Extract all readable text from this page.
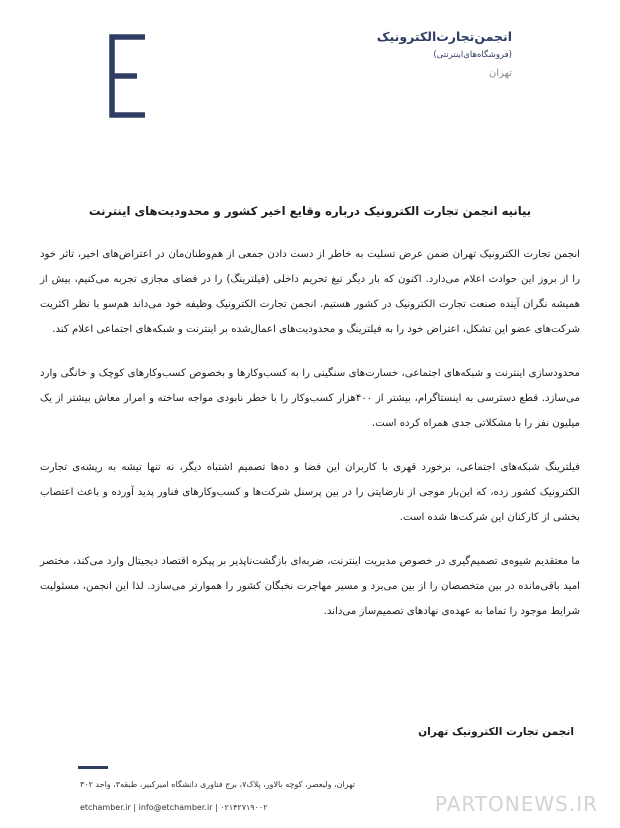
انجمن‌تجارت‌الکترونیک
(فروشگاه‌های‌اینترنتی)
تهران
بیانیه انجمن تجارت الکترونیک درباره وقایع اخیر کشور و محدودیت‌های اینترنت

انجمن تجارت الکترونیک تهران ضمن عرض تسلیت به خاطر از دست دادن جمعی از هم‌وطنان‌مان در اعتراض‌های اخیر، تاثر خود را از بروز این حوادث اعلام می‌دارد. اکنون که بار دیگر تیغ تحریم داخلی (فیلترینگ) را در فضای مجازی تجربه می‌کنیم، بیش از همیشه نگران آینده صنعت تجارت الکترونیک در کشور هستیم. انجمن تجارت الکترونیک وظیفه خود می‌داند هم‌سو با نظر اکثریت شرکت‌های عضو این تشکل، اعتراض خود را به فیلترینگ و محدودیت‌های اعمال‌شده بر اینترنت و شبکه‌های اجتماعی اعلام کند.

محدودسازی اینترنت و شبکه‌های اجتماعی، خسارت‌های سنگینی را به کسب‌وکارها و بخصوص کسب‌وکارهای کوچک و خانگی وارد می‌سازد. قطع دسترسی به اینستاگرام، بیشتر از ۴۰۰هزار کسب‌وکار را با خطر نابودی مواجه ساخته و امرار معاش بیشتر از یک میلیون نفر را با مشکلاتی جدی همراه کرده است.

فیلترینگ شبکه‌های اجتماعی، برخورد قهری با کاربران این فضا و ده‌ها تصمیم اشتباه دیگر، نه تنها تیشه به ریشه‌ی تجارت الکترونیک کشور زده، که این‌بار موجی از نارضایتی را در بین پرسنل شرکت‌ها و کسب‌وکارهای فناور پدید آورده و باعث اعتصاب بخشی از کارکنان این شرکت‌ها شده است.

ما معتقدیم شیوه‌ی تصمیم‌گیری در خصوص مدیریت اینترنت، ضربه‌ای بازگشت‌ناپذیر بر پیکره اقتصاد دیجیتال وارد می‌کند، مختصر امید باقی‌مانده در بین متخصصان را از بین می‌برد و مسیر مهاجرت نخبگان کشور را هموارتر می‌سازد. لذا این انجمن، مسئولیت شرایط موجود را تماما به عهده‌ی نهادهای تصمیم‌ساز می‌داند.

انجمن تجارت الکترونیک تهران
تهران، ولیعصر، کوچه بالاور، پلاک۷، برج فناوری دانشگاه امیرکبیر، طبقه۳، واحد ۳۰۲
etchamber.ir | info@etchamber.ir | ۰۲۱۴۲۷۱۹۰۰۲	PARTONEWS.IR
